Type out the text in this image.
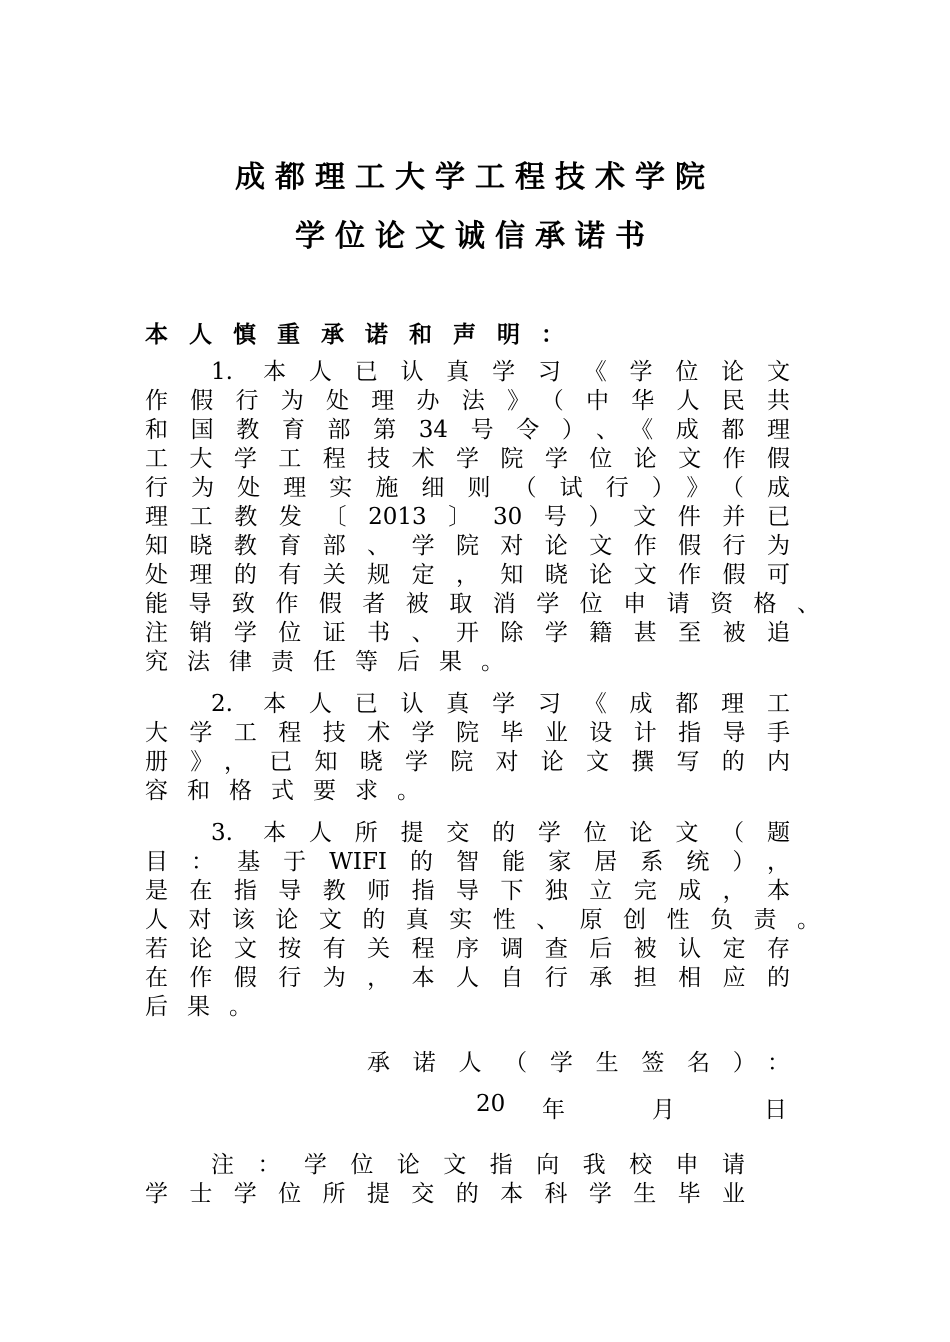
成都理工大学工程技术学院
学位论文诚信承诺书
本人慎重承诺和声明：
1. 本人已认真学习《学位论文
作假行为处理办法》（中华人民共
和国教育部第34号令）、《成都理
工大学工程技术学院学位论文作假
行为处理实施细则（试行）》（成
理工教发〔2013〕30号）文件并已
知晓教育部、学院对论文作假行为
处理的有关规定，知晓论文作假可
能导致作假者被取消学位申请资格、
注销学位证书、开除学籍甚至被追
究法律责任等后果。
2. 本人已认真学习《成都理工
大学工程技术学院毕业设计指导手
册》，已知晓学院对论文撰写的内
容和格式要求。
3. 本人所提交的学位论文（题
目：基于WIFI的智能家居系统），
是在指导教师指导下独立完成，本
人对该论文的真实性、原创性负责。
若论文按有关程序调查后被认定存
在作假行为，本人自行承担相应的
后果。
承诺人（学生签名）：
20 年	月	日
注：学位论文指向我校申请
学士学位所提交的本科学生毕业
